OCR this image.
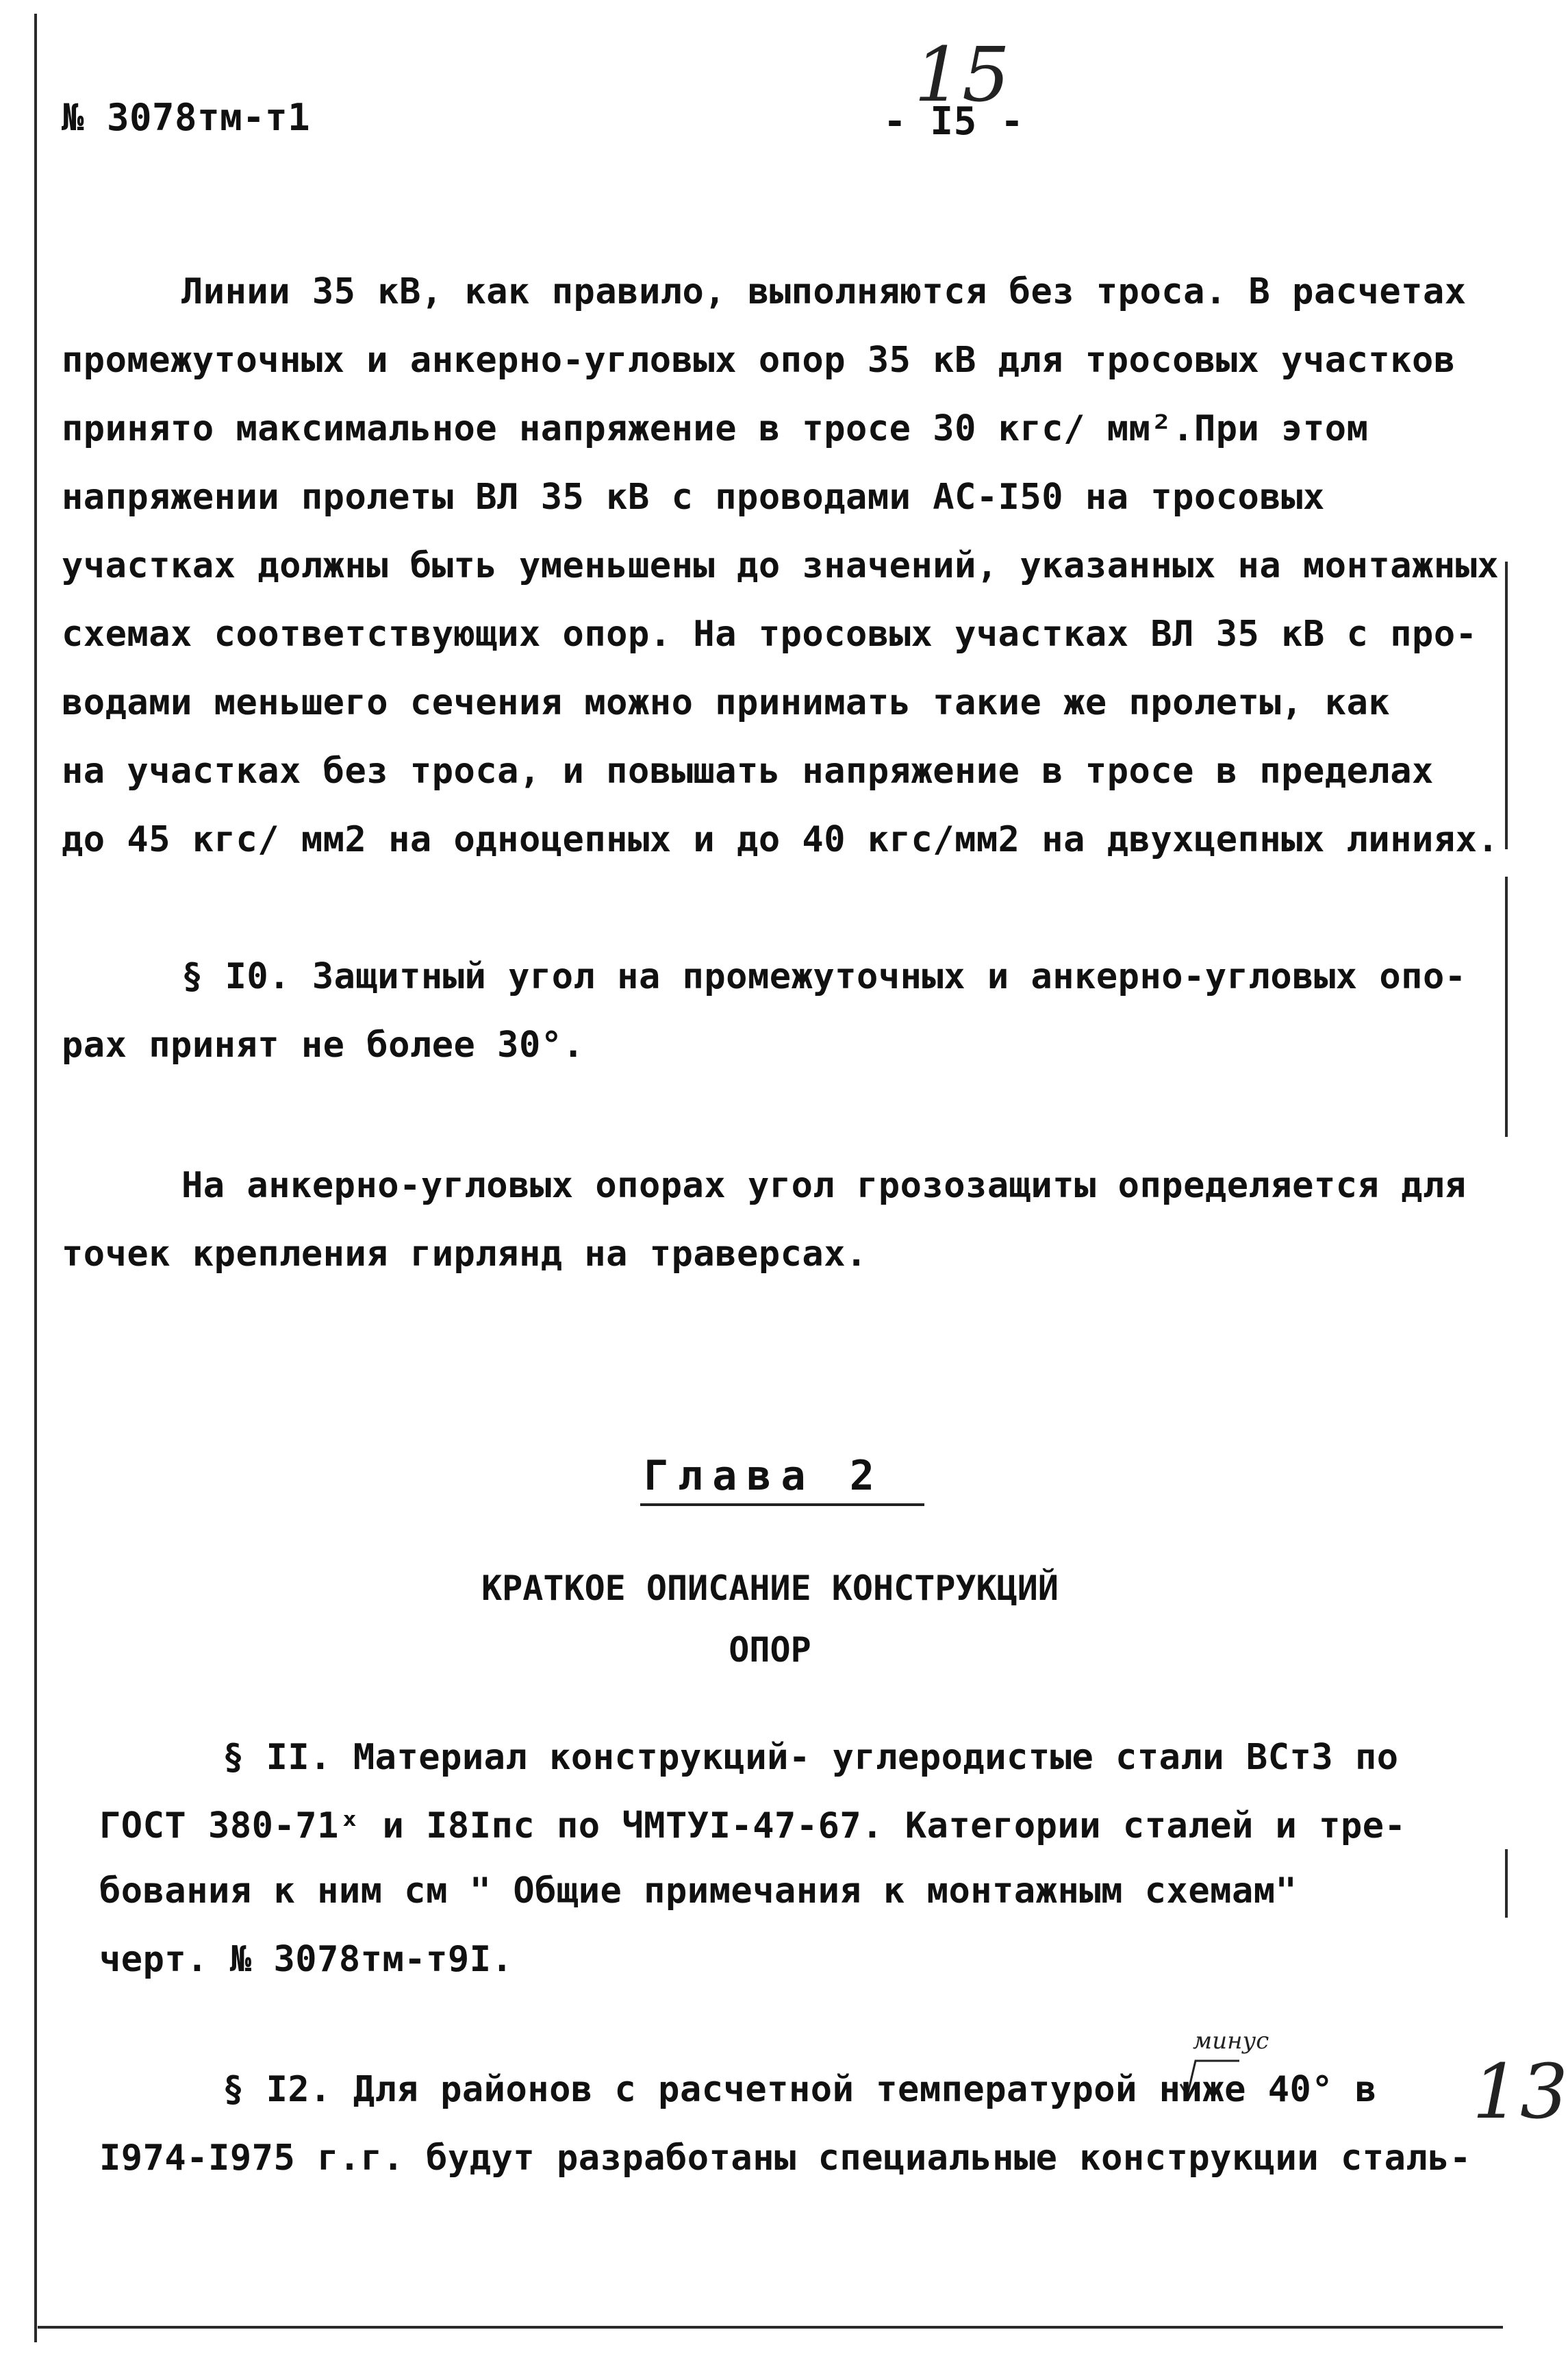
№ 3078тм-т1	15
- I5 -
Линии 35 кВ, как правило, выполняются без троса. В расчетах
промежуточных и анкерно-угловых опор 35 кВ для тросовых участков
принято максимальное напряжение в тросе 30 кгс/ мм².При этом
напряжении пролеты ВЛ 35 кВ с проводами АС-I50 на тросовых
участках должны быть уменьшены до значений, указанных на монтажных
схемах соответствующих опор. На тросовых участках ВЛ 35 кВ с про-
водами меньшего сечения можно принимать такие же пролеты, как
на участках без троса, и повышать напряжение в тросе в пределах
до 45 кгс/ мм2 на одноцепных и до 40 кгс/мм2 на двухцепных линиях.
§ I0. Защитный угол на промежуточных и анкерно-угловых опо-
рах принят не более 30°.
На анкерно-угловых опорах угол грозозащиты определяется для
точек крепления гирлянд на траверсах.
Глава 2
КРАТКОЕ ОПИСАНИЕ КОНСТРУКЦИЙ
ОПОР
§ II. Материал конструкций- углеродистые стали ВСт3 по
ГОСТ 380-71ˣ и I8Iпс по ЧМТУI-47-67. Категории сталей и тре-
бования к ним см " Общие примечания к монтажным схемам"
черт. № 3078тм-т9I.
минус
§ I2. Для районов с расчетной температурой ниже 40° в
I974-I975 г.г. будут разработаны специальные конструкции сталь-
13
